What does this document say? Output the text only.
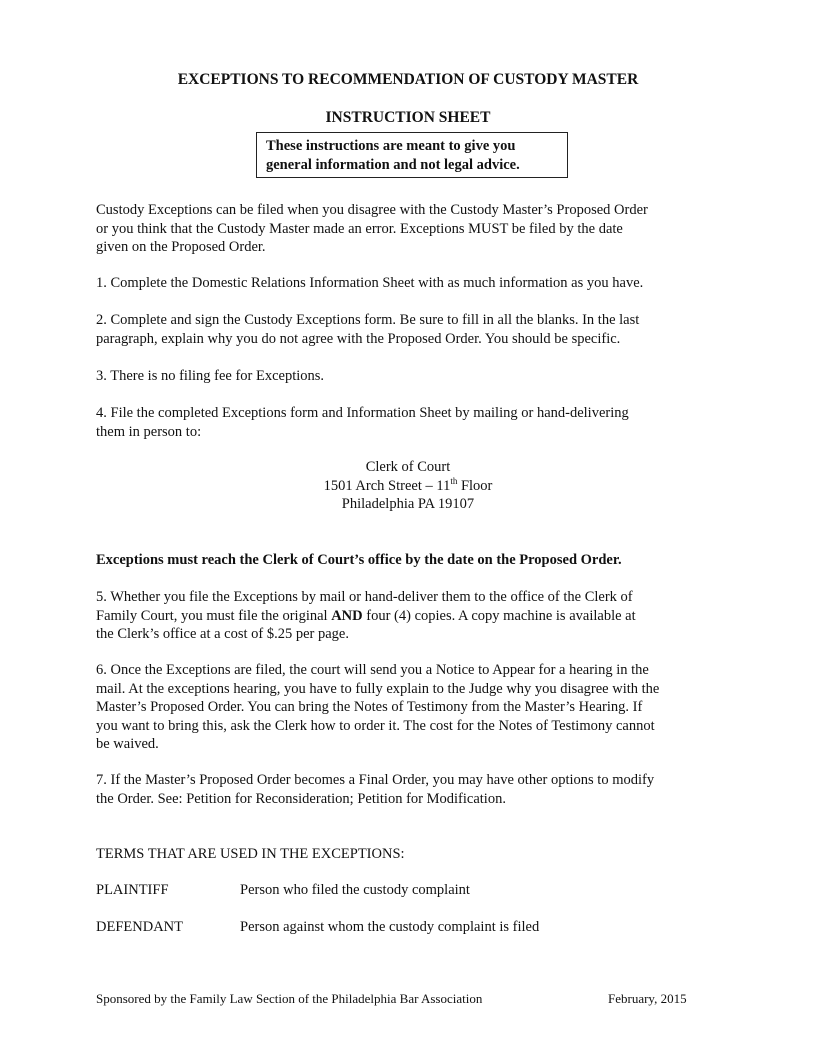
EXCEPTIONS TO RECOMMENDATION OF CUSTODY MASTER
INSTRUCTION SHEET
These instructions are meant to give you
general information and not legal advice.
Custody Exceptions can be filed when you disagree with the Custody Master’s Proposed Order
or you think that the Custody Master made an error. Exceptions MUST be filed by the date
given on the Proposed Order.
1. Complete the Domestic Relations Information Sheet with as much information as you have.
2. Complete and sign the Custody Exceptions form. Be sure to fill in all the blanks. In the last
paragraph, explain why you do not agree with the Proposed Order. You should be specific.
3. There is no filing fee for Exceptions.
4. File the completed Exceptions form and Information Sheet by mailing or hand-delivering
them in person to:
Clerk of Court
1501 Arch Street – 11th Floor
Philadelphia PA 19107
Exceptions must reach the Clerk of Court’s office by the date on the Proposed Order.
5. Whether you file the Exceptions by mail or hand-deliver them to the office of the Clerk of
Family Court, you must file the original AND four (4) copies. A copy machine is available at
the Clerk’s office at a cost of $.25 per page.
6. Once the Exceptions are filed, the court will send you a Notice to Appear for a hearing in the
mail. At the exceptions hearing, you have to fully explain to the Judge why you disagree with the
Master’s Proposed Order. You can bring the Notes of Testimony from the Master’s Hearing. If
you want to bring this, ask the Clerk how to order it. The cost for the Notes of Testimony cannot
be waived.
7. If the Master’s Proposed Order becomes a Final Order, you may have other options to modify
the Order. See: Petition for Reconsideration; Petition for Modification.
TERMS THAT ARE USED IN THE EXCEPTIONS:
PLAINTIFF	Person who filed the custody complaint
DEFENDANT	Person against whom the custody complaint is filed
Sponsored by the Family Law Section of the Philadelphia Bar Association	February, 2015
